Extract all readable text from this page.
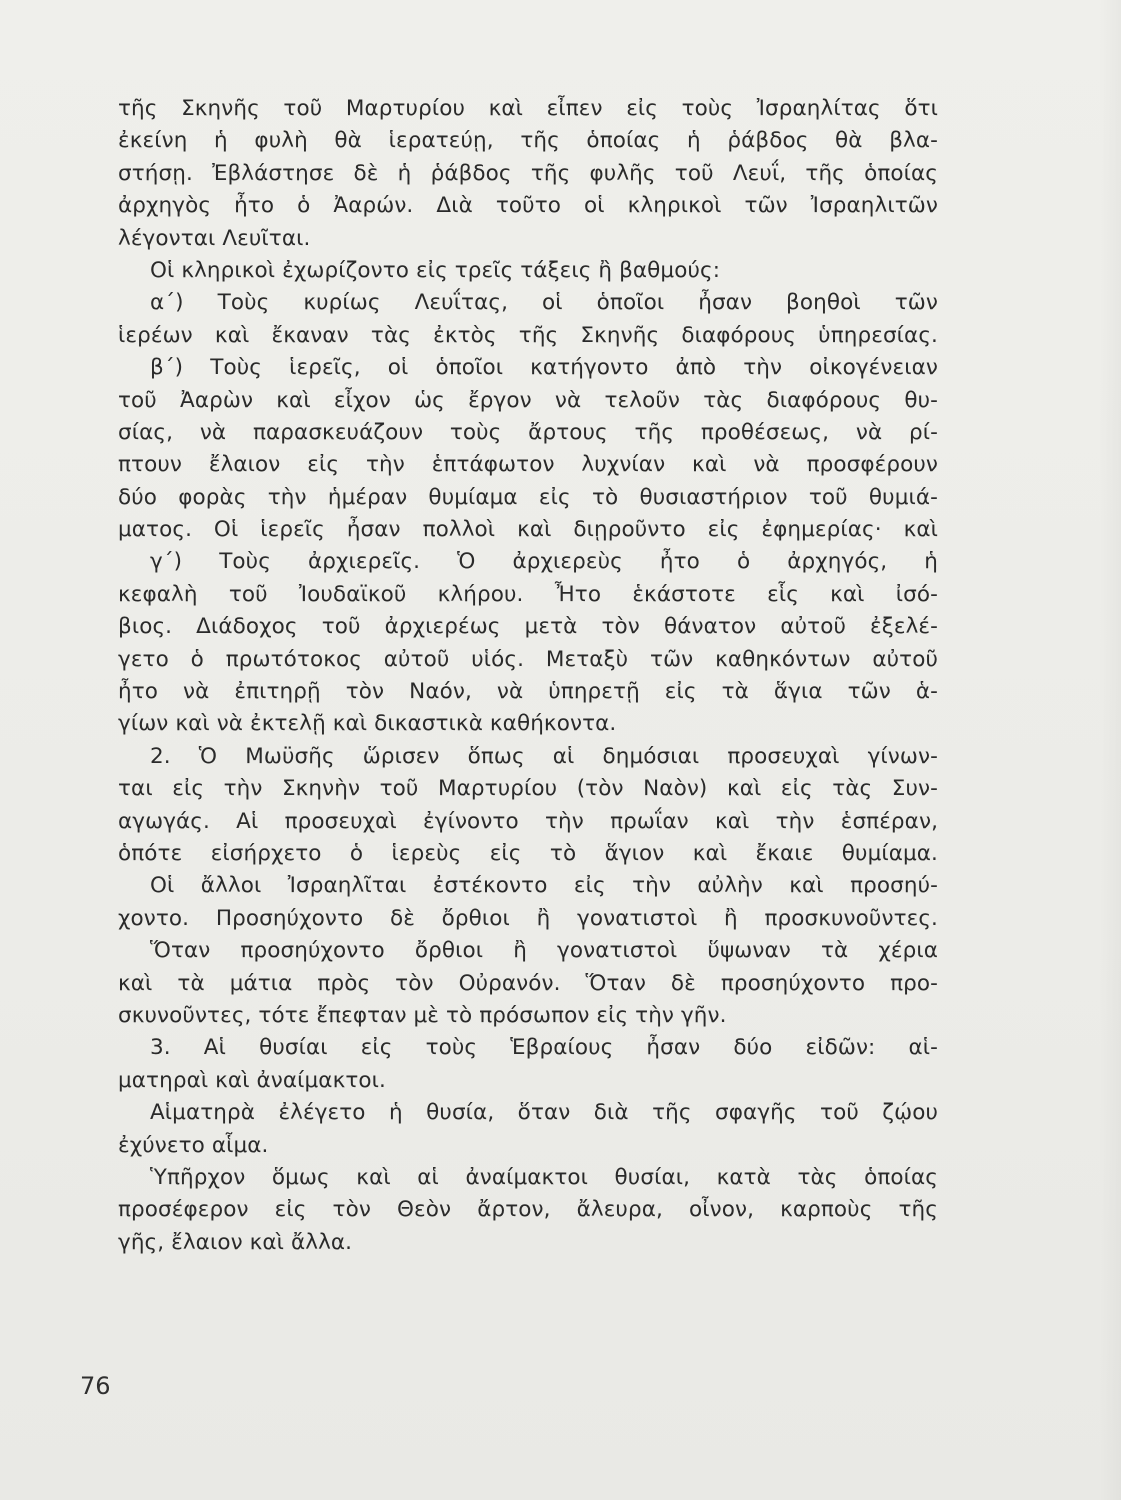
τῆς Σκηνῆς τοῦ Μαρτυρίου καὶ εἶπεν εἰς τοὺς Ἰσραηλίτας ὅτι
ἐκείνη ἡ φυλὴ θὰ ἱερατεύῃ, τῆς ὁποίας ἡ ῥάβδος θὰ βλα-
στήσῃ. Ἐβλάστησε δὲ ἡ ῥάβδος τῆς φυλῆς τοῦ Λευΐ, τῆς ὁποίας
ἀρχηγὸς ἦτο ὁ Ἀαρών. Διὰ τοῦτο οἱ κληρικοὶ τῶν Ἰσραηλιτῶν
λέγονται Λευῖται.
Οἱ κληρικοὶ ἐχωρίζοντο εἰς τρεῖς τάξεις ἢ βαθμούς:
α΄) Τοὺς κυρίως Λευΐτας, οἱ ὁποῖοι ἦσαν βοηθοὶ τῶν
ἱερέων καὶ ἔκαναν τὰς ἐκτὸς τῆς Σκηνῆς διαφόρους ὑπηρεσίας.
β΄) Τοὺς ἱερεῖς, οἱ ὁποῖοι κατήγοντο ἀπὸ τὴν οἰκογένειαν
τοῦ Ἀαρὼν καὶ εἶχον ὡς ἔργον νὰ τελοῦν τὰς διαφόρους θυ-
σίας, νὰ παρασκευάζουν τοὺς ἄρτους τῆς προθέσεως, νὰ ρί-
πτουν ἔλαιον εἰς τὴν ἑπτάφωτον λυχνίαν καὶ νὰ προσφέρουν
δύο φορὰς τὴν ἡμέραν θυμίαμα εἰς τὸ θυσιαστήριον τοῦ θυμιά-
ματος. Οἱ ἱερεῖς ἦσαν πολλοὶ καὶ διῃροῦντο εἰς ἐφημερίας· καὶ
γ΄) Τοὺς ἀρχιερεῖς. Ὁ ἀρχιερεὺς ἦτο ὁ ἀρχηγός, ἡ
κεφαλὴ τοῦ Ἰουδαϊκοῦ κλήρου. Ἦτο ἑκάστοτε εἷς καὶ ἰσό-
βιος. Διάδοχος τοῦ ἀρχιερέως μετὰ τὸν θάνατον αὐτοῦ ἐξελέ-
γετο ὁ πρωτότοκος αὐτοῦ υἱός. Μεταξὺ τῶν καθηκόντων αὐτοῦ
ἦτο νὰ ἐπιτηρῇ τὸν Ναόν, νὰ ὑπηρετῇ εἰς τὰ ἅγια τῶν ἁ-
γίων καὶ νὰ ἐκτελῇ καὶ δικαστικὰ καθήκοντα.
2. Ὁ Μωϋσῆς ὥρισεν ὅπως αἱ δημόσιαι προσευχαὶ γίνων-
ται εἰς τὴν Σκηνὴν τοῦ Μαρτυρίου (τὸν Ναὸν) καὶ εἰς τὰς Συν-
αγωγάς. Αἱ προσευχαὶ ἐγίνοντο τὴν πρωΐαν καὶ τὴν ἑσπέραν,
ὁπότε εἰσήρχετο ὁ ἱερεὺς εἰς τὸ ἅγιον καὶ ἔκαιε θυμίαμα.
Οἱ ἄλλοι Ἰσραηλῖται ἐστέκοντο εἰς τὴν αὐλὴν καὶ προσηύ-
χοντο. Προσηύχοντο δὲ ὄρθιοι ἢ γονατιστοὶ ἢ προσκυνοῦντες.
Ὅταν προσηύχοντο ὄρθιοι ἢ γονατιστοὶ ὕψωναν τὰ χέρια
καὶ τὰ μάτια πρὸς τὸν Οὐρανόν. Ὅταν δὲ προσηύχοντο προ-
σκυνοῦντες, τότε ἔπεφταν μὲ τὸ πρόσωπον εἰς τὴν γῆν.
3. Αἱ θυσίαι εἰς τοὺς Ἑβραίους ἦσαν δύο εἰδῶν: αἱ-
ματηραὶ καὶ ἀναίμακτοι.
Αἱματηρὰ ἐλέγετο ἡ θυσία, ὅταν διὰ τῆς σφαγῆς τοῦ ζῴου
ἐχύνετο αἷμα.
Ὑπῆρχον ὅμως καὶ αἱ ἀναίμακτοι θυσίαι, κατὰ τὰς ὁποίας
προσέφερον εἰς τὸν Θεὸν ἄρτον, ἄλευρα, οἶνον, καρποὺς τῆς
γῆς, ἔλαιον καὶ ἄλλα.
76
